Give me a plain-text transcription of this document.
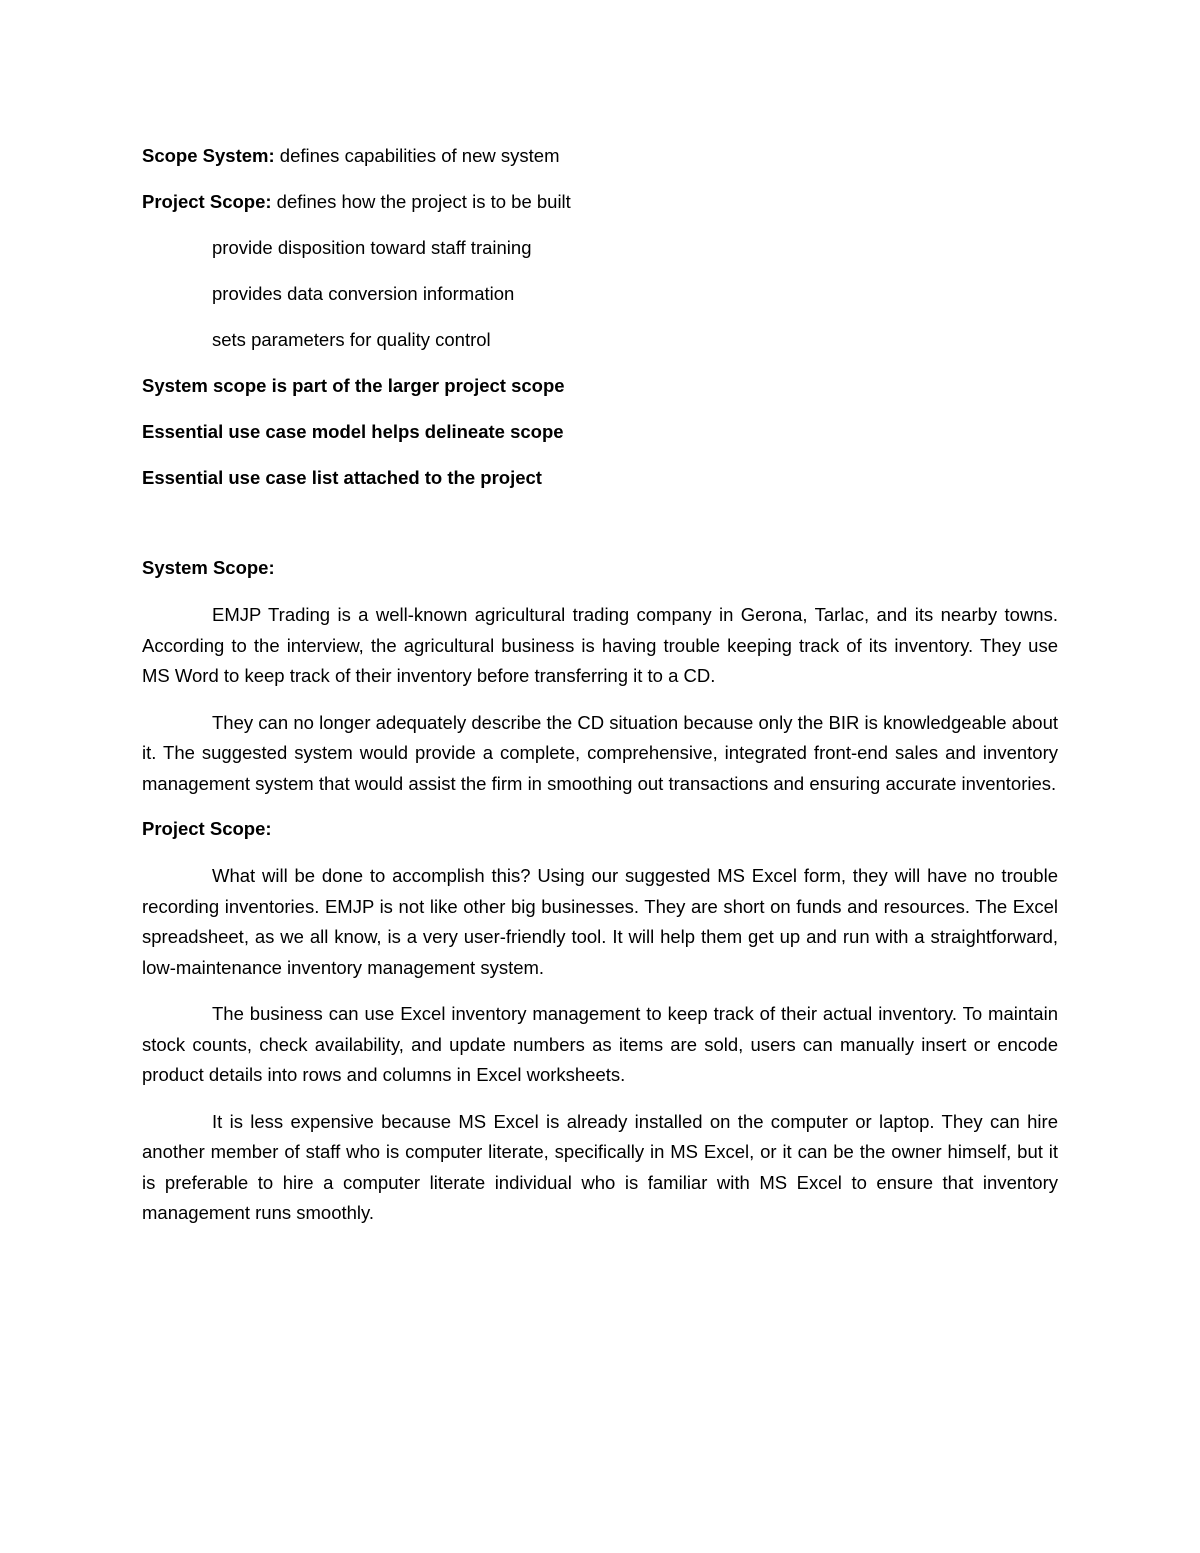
Scope System: defines capabilities of new system

Project Scope: defines how the project is to be built

provide disposition toward staff training

provides data conversion information

sets parameters for quality control

System scope is part of the larger project scope

Essential use case model helps delineate scope

Essential use case list attached to the project

System Scope:

EMJP Trading is a well-known agricultural trading company in Gerona, Tarlac, and its nearby towns. According to the interview, the agricultural business is having trouble keeping track of its inventory. They use MS Word to keep track of their inventory before transferring it to a CD.

They can no longer adequately describe the CD situation because only the BIR is knowledgeable about it. The suggested system would provide a complete, comprehensive, integrated front-end sales and inventory management system that would assist the firm in smoothing out transactions and ensuring accurate inventories.

Project Scope:

What will be done to accomplish this? Using our suggested MS Excel form, they will have no trouble recording inventories. EMJP is not like other big businesses. They are short on funds and resources. The Excel spreadsheet, as we all know, is a very user-friendly tool. It will help them get up and run with a straightforward, low-maintenance inventory management system.

The business can use Excel inventory management to keep track of their actual inventory. To maintain stock counts, check availability, and update numbers as items are sold, users can manually insert or encode product details into rows and columns in Excel worksheets.

It is less expensive because MS Excel is already installed on the computer or laptop. They can hire another member of staff who is computer literate, specifically in MS Excel, or it can be the owner himself, but it is preferable to hire a computer literate individual who is familiar with MS Excel to ensure that inventory management runs smoothly.
